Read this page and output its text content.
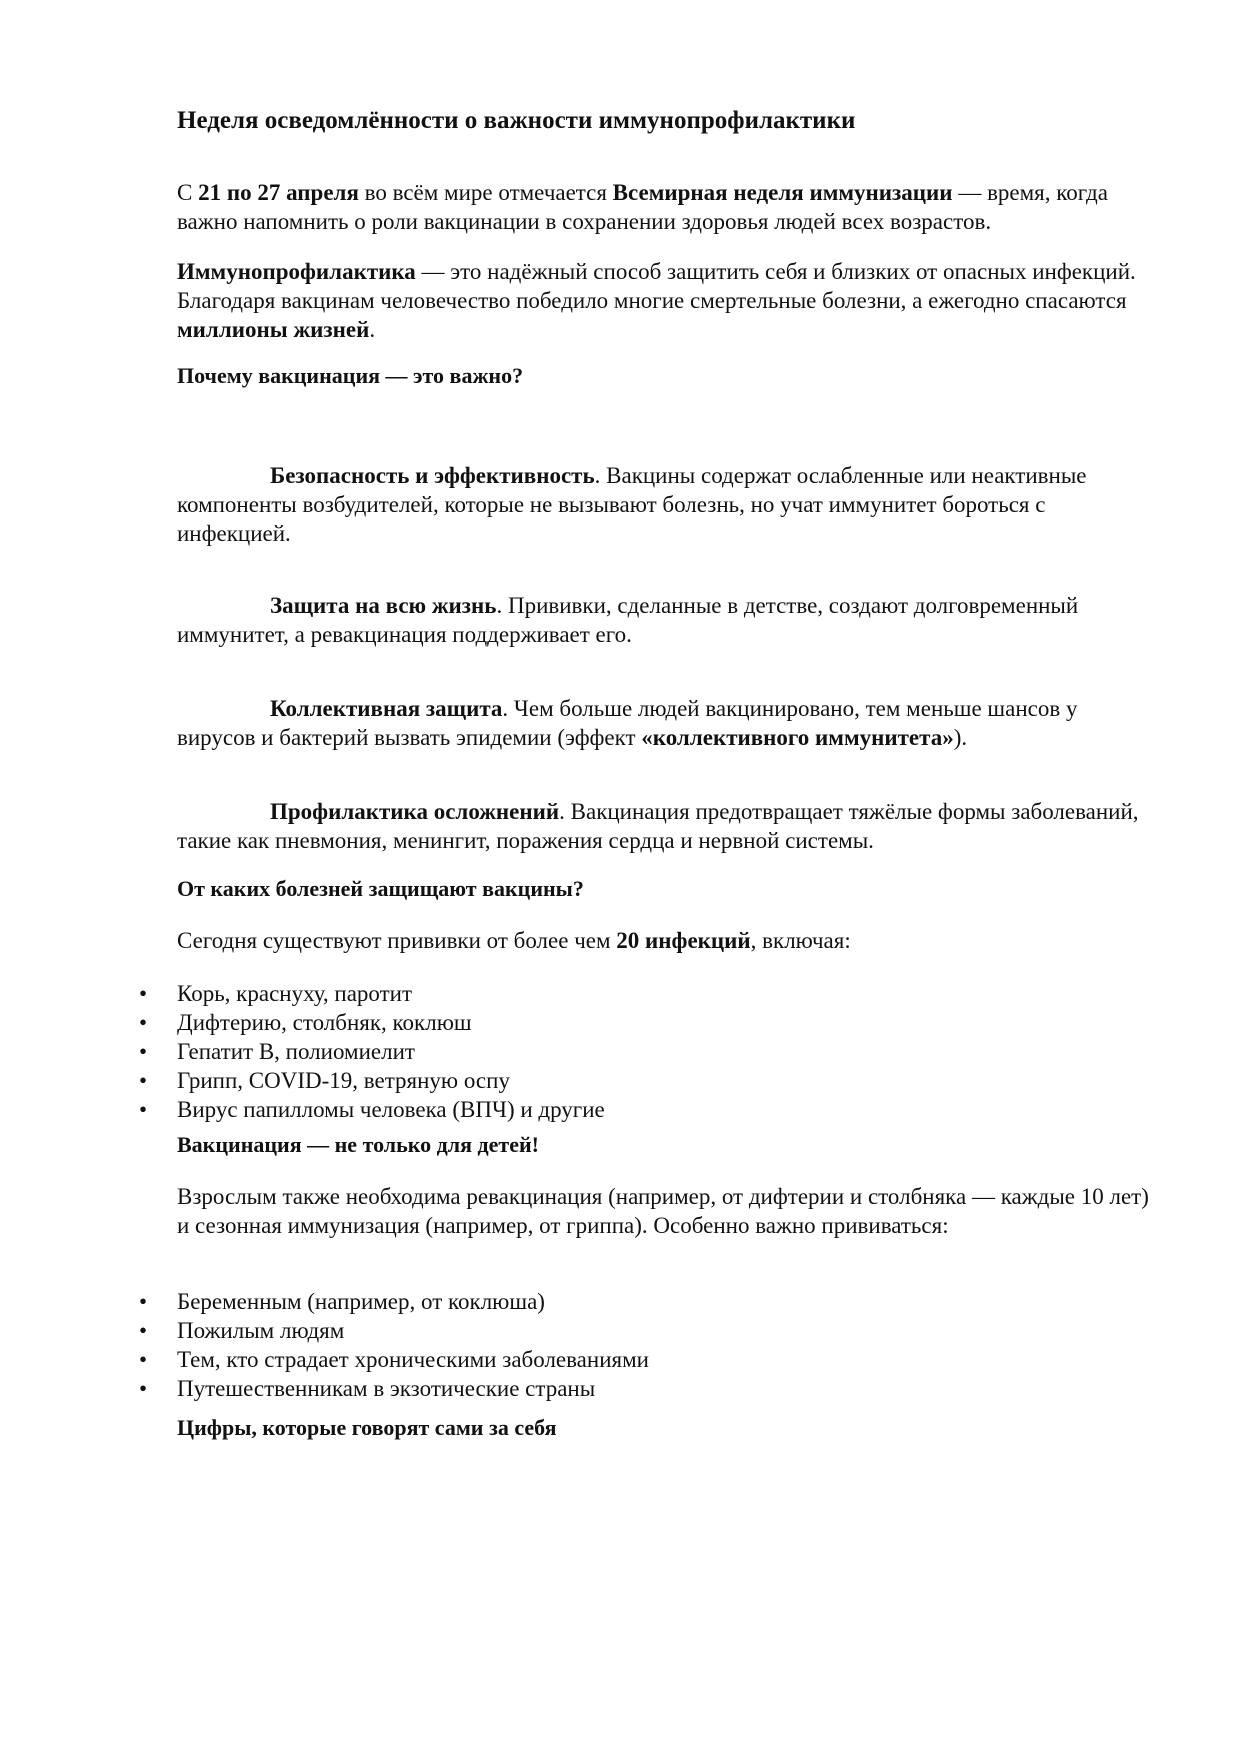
Неделя осведомлённости о важности иммунопрофилактики

С 21 по 27 апреля во всём мире отмечается Всемирная неделя иммунизации — время, когда важно напомнить о роли вакцинации в сохранении здоровья людей всех возрастов.

Иммунопрофилактика — это надёжный способ защитить себя и близких от опасных инфекций. Благодаря вакцинам человечество победило многие смертельные болезни, а ежегодно спасаются миллионы жизней.

Почему вакцинация — это важно?

Безопасность и эффективность. Вакцины содержат ослабленные или неактивные компоненты возбудителей, которые не вызывают болезнь, но учат иммунитет бороться с инфекцией.

Защита на всю жизнь. Прививки, сделанные в детстве, создают долговременный иммунитет, а ревакцинация поддерживает его.

Коллективная защита. Чем больше людей вакцинировано, тем меньше шансов у вирусов и бактерий вызвать эпидемии (эффект «коллективного иммунитета»).

Профилактика осложнений. Вакцинация предотвращает тяжёлые формы заболеваний, такие как пневмония, менингит, поражения сердца и нервной системы.

От каких болезней защищают вакцины?

Сегодня существуют прививки от более чем 20 инфекций, включая:

• Корь, краснуху, паротит
• Дифтерию, столбняк, коклюш
• Гепатит В, полиомиелит
• Грипп, COVID-19, ветряную оспу
• Вирус папилломы человека (ВПЧ) и другие
Вакцинация — не только для детей!

Взрослым также необходима ревакцинация (например, от дифтерии и столбняка — каждые 10 лет) и сезонная иммунизация (например, от гриппа). Особенно важно прививаться:

• Беременным (например, от коклюша)
• Пожилым людям
• Тем, кто страдает хроническими заболеваниями
• Путешественникам в экзотические страны
Цифры, которые говорят сами за себя
